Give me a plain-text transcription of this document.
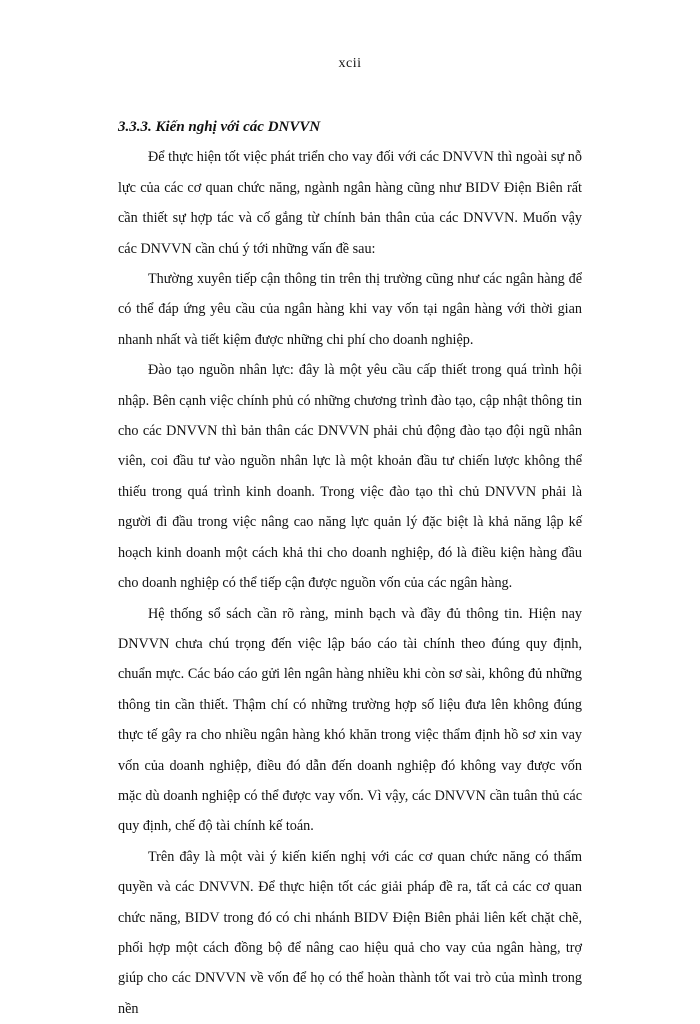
xcii

3.3.3. Kiến nghị với các DNVVN

Để thực hiện tốt việc phát triển cho vay đối với các DNVVN thì ngoài sự nỗ lực của các cơ quan chức năng, ngành ngân hàng cũng như BIDV Điện Biên rất cần thiết sự hợp tác và cố gắng từ chính bản thân của các DNVVN. Muốn vậy các DNVVN cần chú ý tới những vấn đề sau:

Thường xuyên tiếp cận thông tin trên thị trường cũng như các ngân hàng để có thể đáp ứng yêu cầu của ngân hàng khi vay vốn tại ngân hàng với thời gian nhanh nhất và tiết kiệm được những chi phí cho doanh nghiệp.

Đào tạo nguồn nhân lực: đây là một yêu cầu cấp thiết trong quá trình hội nhập. Bên cạnh việc chính phủ có những chương trình đào tạo, cập nhật thông tin cho các DNVVN thì bản thân các DNVVN phải chủ động đào tạo đội ngũ nhân viên, coi đầu tư vào nguồn nhân lực là một khoản đầu tư chiến lược không thể thiếu trong quá trình kinh doanh. Trong việc đào tạo thì chủ DNVVN phải là người đi đầu trong việc nâng cao năng lực quản lý đặc biệt là khả năng lập kế hoạch kinh doanh một cách khả thi cho doanh nghiệp, đó là điều kiện hàng đầu cho doanh nghiệp có thể tiếp cận được nguồn vốn của các ngân hàng.

Hệ thống sổ sách cần rõ ràng, minh bạch và đầy đủ thông tin. Hiện nay DNVVN chưa chú trọng đến việc lập báo cáo tài chính theo đúng quy định, chuẩn mực. Các báo cáo gửi lên ngân hàng nhiều khi còn sơ sài, không đủ những thông tin cần thiết. Thậm chí có những trường hợp số liệu đưa lên không đúng thực tế gây ra cho nhiều ngân hàng khó khăn trong việc thẩm định hồ sơ xin vay vốn của doanh nghiệp, điều đó dẫn đến doanh nghiệp đó không vay được vốn mặc dù doanh nghiệp có thể được vay vốn. Vì vậy, các DNVVN cần tuân thủ các quy định, chế độ tài chính kế toán.

Trên đây là một vài ý kiến kiến nghị với các cơ quan chức năng có thẩm quyền và các DNVVN. Để thực hiện tốt các giải pháp đề ra, tất cả các cơ quan chức năng, BIDV trong đó có chi nhánh BIDV Điện Biên phải liên kết chặt chẽ, phối hợp một cách đồng bộ để nâng cao hiệu quả cho vay của ngân hàng, trợ giúp cho các DNVVN về vốn để họ có thể hoàn thành tốt vai trò của mình trong nền
